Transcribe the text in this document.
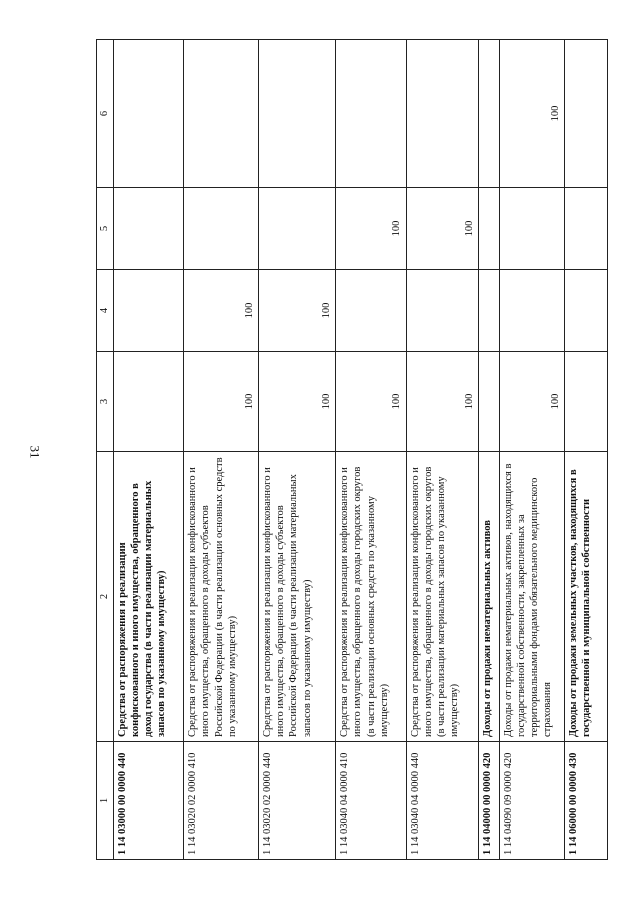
31
1	2	3	4	5	6
1 14 03000 00 0000 440	Средства от распоряжения и реализации конфискованного и иного имущества, обращенного в доход государства (в части реализации материальных запасов по указанному имуществу)				
1 14 03020 02 0000 410	Средства от распоряжения и реализации конфискованного и иного имущества, обращенного в доходы субъектов Российской Федерации (в части реализации основных средств по указанному имуществу)	100	100		
1 14 03020 02 0000 440	Средства от распоряжения и реализации конфискованного и иного имущества, обращенного в доходы субъектов Российской Федерации (в части реализации материальных запасов по указанному имуществу)	100	100		
1 14 03040 04 0000 410	Средства от распоряжения и реализации конфискованного и иного имущества, обращенного в доходы городских округов (в части реализации основных средств по указанному имуществу)	100		100	
1 14 03040 04 0000 440	Средства от распоряжения и реализации конфискованного и иного имущества, обращенного в доходы городских округов (в части реализации материальных запасов по указанному имуществу)	100		100	
1 14 04000 00 0000 420	Доходы от продажи нематериальных активов				
1 14 04090 09 0000 420	Доходы от продажи нематериальных активов, находящихся в государственной собственности, закрепленных за территориальными фондами обязательного медицинского страхования	100			100
1 14 06000 00 0000 430	Доходы от продажи земельных участков, находящихся в государственной и муниципальной собственности				
